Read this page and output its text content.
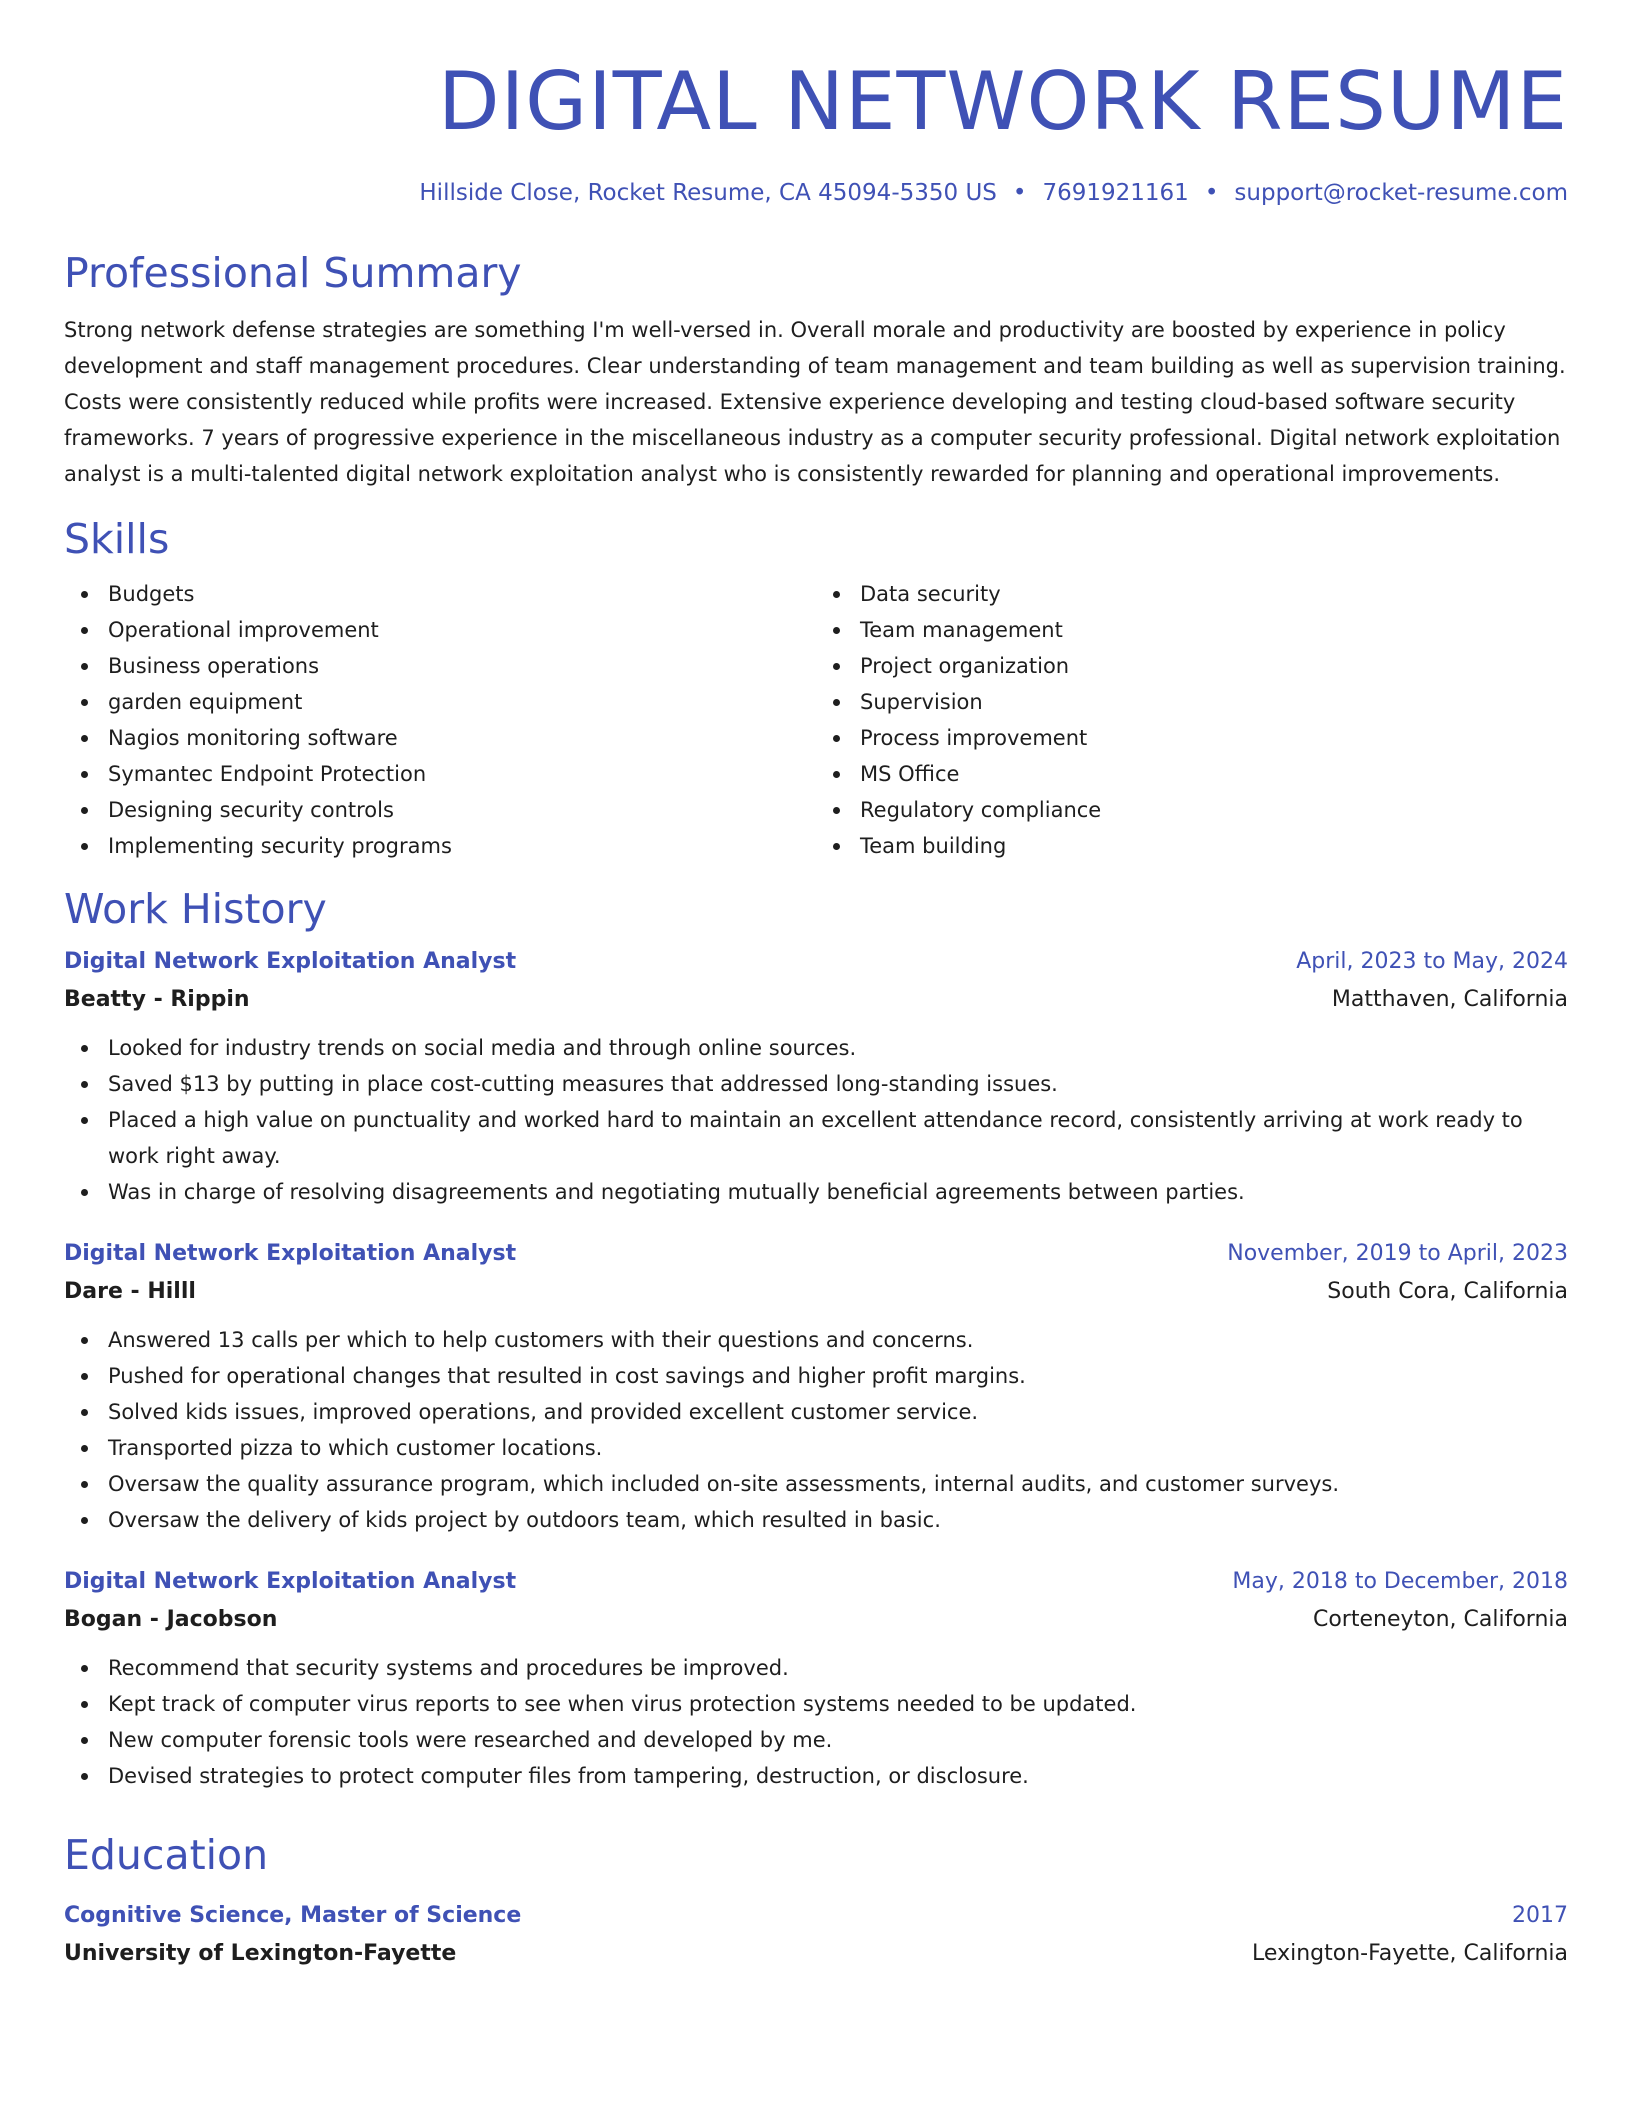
DIGITAL NETWORK RESUME
Hillside Close, Rocket Resume, CA 45094-5350 US • 7691921161 • support@rocket-resume.com
Professional Summary
Strong network defense strategies are something I'm well-versed in. Overall morale and productivity are boosted by experience in policy development and staff management procedures. Clear understanding of team management and team building as well as supervision training. Costs were consistently reduced while profits were increased. Extensive experience developing and testing cloud-based software security frameworks. 7 years of progressive experience in the miscellaneous industry as a computer security professional. Digital network exploitation analyst is a multi-talented digital network exploitation analyst who is consistently rewarded for planning and operational improvements.
Skills
Budgets
Operational improvement
Business operations
garden equipment
Nagios monitoring software
Symantec Endpoint Protection
Designing security controls
Implementing security programs
Data security
Team management
Project organization
Supervision
Process improvement
MS Office
Regulatory compliance
Team building
Work History
Digital Network Exploitation Analyst	April, 2023 to May, 2024
Beatty - Rippin	Matthaven, California
Looked for industry trends on social media and through online sources.
Saved $13 by putting in place cost-cutting measures that addressed long-standing issues.
Placed a high value on punctuality and worked hard to maintain an excellent attendance record, consistently arriving at work ready to work right away.
Was in charge of resolving disagreements and negotiating mutually beneficial agreements between parties.
Digital Network Exploitation Analyst	November, 2019 to April, 2023
Dare - Hilll	South Cora, California
Answered 13 calls per which to help customers with their questions and concerns.
Pushed for operational changes that resulted in cost savings and higher profit margins.
Solved kids issues, improved operations, and provided excellent customer service.
Transported pizza to which customer locations.
Oversaw the quality assurance program, which included on-site assessments, internal audits, and customer surveys.
Oversaw the delivery of kids project by outdoors team, which resulted in basic.
Digital Network Exploitation Analyst	May, 2018 to December, 2018
Bogan - Jacobson	Corteneyton, California
Recommend that security systems and procedures be improved.
Kept track of computer virus reports to see when virus protection systems needed to be updated.
New computer forensic tools were researched and developed by me.
Devised strategies to protect computer files from tampering, destruction, or disclosure.
Education
Cognitive Science, Master of Science	2017
University of Lexington-Fayette	Lexington-Fayette, California
